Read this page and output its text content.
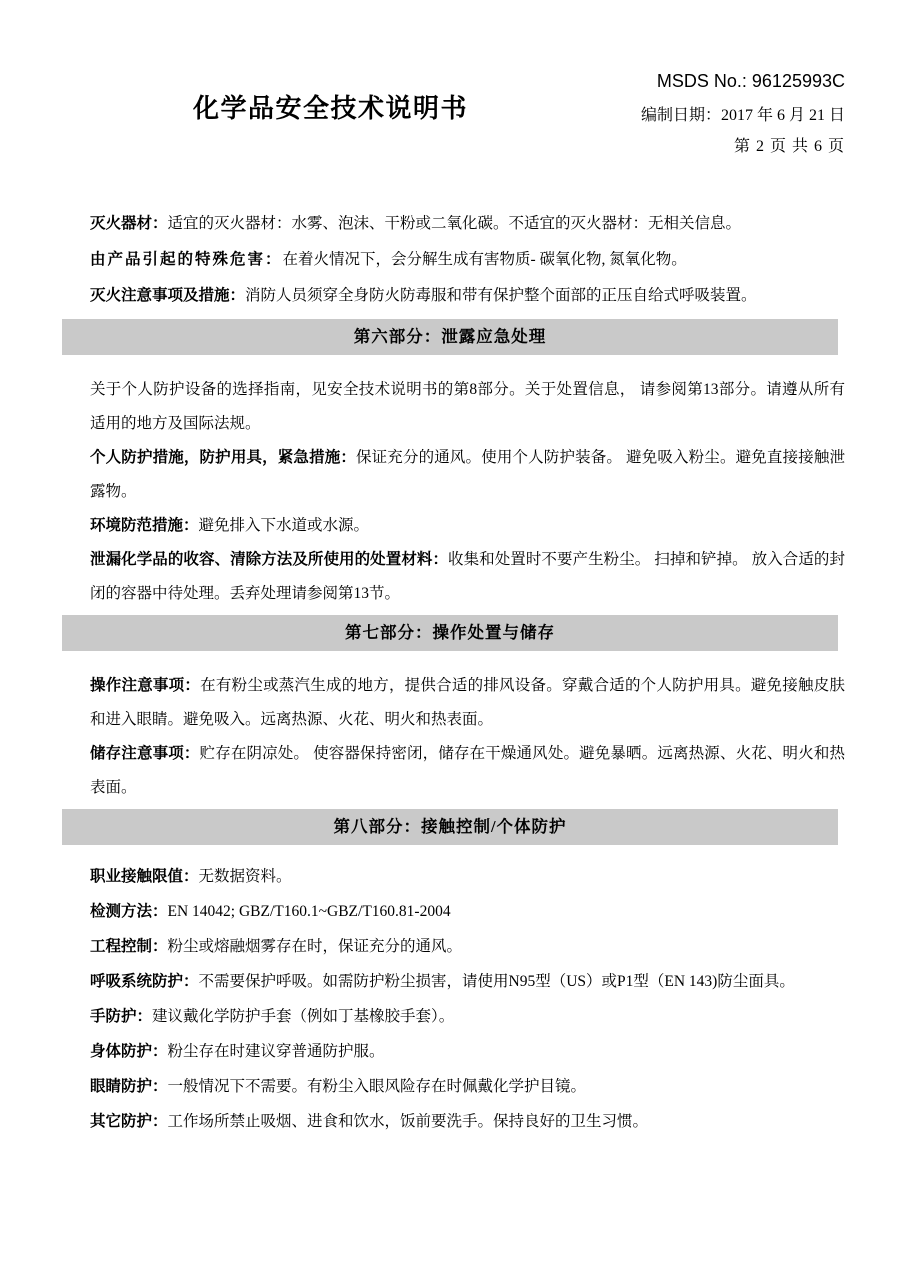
MSDS No.: 96125993C
化学品安全技术说明书	编制日期：2017 年 6 月 21 日
第 2 页 共 6 页

灭火器材：适宜的灭火器材：水雾、泡沫、干粉或二氧化碳。不适宜的灭火器材：无相关信息。

由产品引起的特殊危害：在着火情况下，会分解生成有害物质- 碳氧化物, 氮氧化物。

灭火注意事项及措施：消防人员须穿全身防火防毒服和带有保护整个面部的正压自给式呼吸装置。

第六部分：泄露应急处理

关于个人防护设备的选择指南，见安全技术说明书的第8部分。关于处置信息， 请参阅第13部分。请遵从所有适用的地方及国际法规。

个人防护措施，防护用具，紧急措施：保证充分的通风。使用个人防护装备。 避免吸入粉尘。避免直接接触泄露物。

环境防范措施：避免排入下水道或水源。

泄漏化学品的收容、清除方法及所使用的处置材料：收集和处置时不要产生粉尘。 扫掉和铲掉。 放入合适的封闭的容器中待处理。丢弃处理请参阅第13节。

第七部分：操作处置与储存

操作注意事项：在有粉尘或蒸汽生成的地方，提供合适的排风设备。穿戴合适的个人防护用具。避免接触皮肤和进入眼睛。避免吸入。远离热源、火花、明火和热表面。

储存注意事项：贮存在阴凉处。 使容器保持密闭，储存在干燥通风处。避免暴晒。远离热源、火花、明火和热表面。

第八部分：接触控制/个体防护

职业接触限值：无数据资料。

检测方法：EN 14042; GBZ/T160.1~GBZ/T160.81-2004

工程控制：粉尘或熔融烟雾存在时，保证充分的通风。

呼吸系统防护：不需要保护呼吸。如需防护粉尘损害，请使用N95型（US）或P1型（EN 143)防尘面具。

手防护：建议戴化学防护手套（例如丁基橡胶手套）。

身体防护：粉尘存在时建议穿普通防护服。

眼睛防护：一般情况下不需要。有粉尘入眼风险存在时佩戴化学护目镜。

其它防护：工作场所禁止吸烟、进食和饮水，饭前要洗手。保持良好的卫生习惯。
